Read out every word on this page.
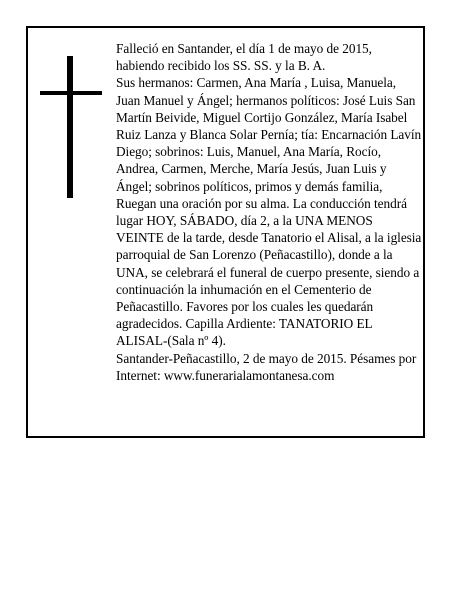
Falleció en Santander, el día 1 de mayo de 2015, habiendo recibido los SS. SS. y la B. A.

Sus hermanos: Carmen, Ana María , Luisa, Manuela, Juan Manuel y Ángel; hermanos políticos: José Luis San Martín Beivide, Miguel Cortijo González, María Isabel Ruiz Lanza y Blanca Solar Pernía; tía: Encarnación Lavín Diego; sobrinos: Luis, Manuel, Ana María, Rocío, Andrea, Carmen, Merche, María Jesús, Juan Luis y Ángel; sobrinos políticos, primos y demás familia,

Ruegan una oración por su alma. La conducción tendrá lugar HOY, SÁBADO, día 2, a la UNA MENOS VEINTE de la tarde, desde Tanatorio el Alisal, a la iglesia parroquial de San Lorenzo (Peñacastillo), donde a la UNA, se celebrará el funeral de cuerpo presente, siendo a continuación la inhumación en el Cementerio de Peñacastillo. Favores por los cuales les quedarán agradecidos. Capilla Ardiente: TANATORIO EL ALISAL-(Sala nº 4).

Santander-Peñacastillo, 2 de mayo de 2015. Pésames por Internet: www.funerarialamontanesa.com
